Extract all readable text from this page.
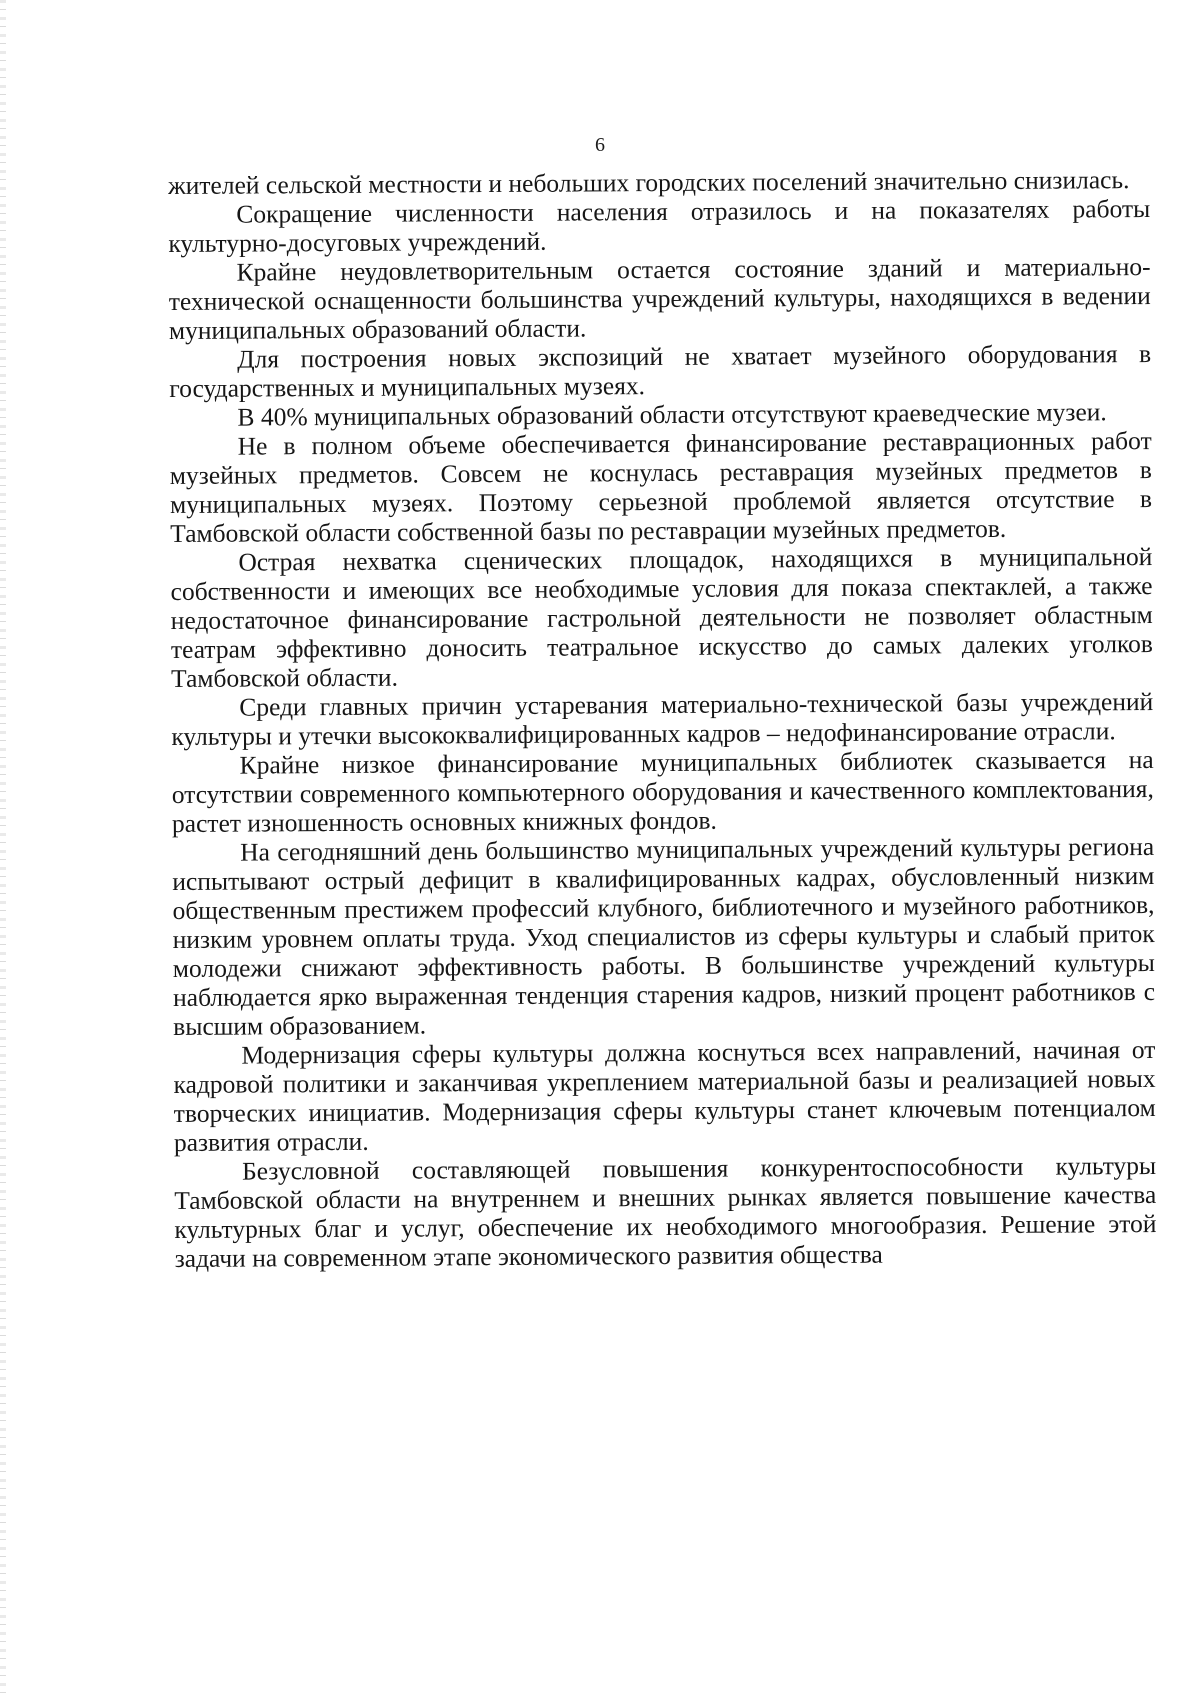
6

жителей сельской местности и небольших городских поселений значительно снизилась.

Сокращение численности населения отразилось и на показателях работы культурно-досуговых учреждений.

Крайне неудовлетворительным остается состояние зданий и материально-технической оснащенности большинства учреждений культуры, находящихся в ведении муниципальных образований области.

Для построения новых экспозиций не хватает музейного оборудования в государственных и муниципальных музеях.

В 40% муниципальных образований области отсутствуют краеведческие музеи.

Не в полном объеме обеспечивается финансирование реставрационных работ музейных предметов. Совсем не коснулась реставрация музейных предметов в муниципальных музеях. Поэтому серьезной проблемой является отсутствие в Тамбовской области собственной базы по реставрации музейных предметов.

Острая нехватка сценических площадок, находящихся в муниципальной собственности и имеющих все необходимые условия для показа спектаклей, а также недостаточное финансирование гастрольной деятельности не позволяет областным театрам эффективно доносить театральное искусство до самых далеких уголков Тамбовской области.

Среди главных причин устаревания материально-технической базы учреждений культуры и утечки высококвалифицированных кадров – недофинансирование отрасли.

Крайне низкое финансирование муниципальных библиотек сказывается на отсутствии современного компьютерного оборудования и качественного комплектования, растет изношенность основных книжных фондов.

На сегодняшний день большинство муниципальных учреждений культуры региона испытывают острый дефицит в квалифицированных кадрах, обусловленный низким общественным престижем профессий клубного, библиотечного и музейного работников, низким уровнем оплаты труда. Уход специалистов из сферы культуры и слабый приток молодежи снижают эффективность работы. В большинстве учреждений культуры наблюдается ярко выраженная тенденция старения кадров, низкий процент работников с высшим образованием.

Модернизация сферы культуры должна коснуться всех направлений, начиная от кадровой политики и заканчивая укреплением материальной базы и реализацией новых творческих инициатив. Модернизация сферы культуры станет ключевым потенциалом развития отрасли.

Безусловной составляющей повышения конкурентоспособности культуры Тамбовской области на внутреннем и внешних рынках является повышение качества культурных благ и услуг, обеспечение их необходимого многообразия. Решение этой задачи на современном этапе экономического развития общества
